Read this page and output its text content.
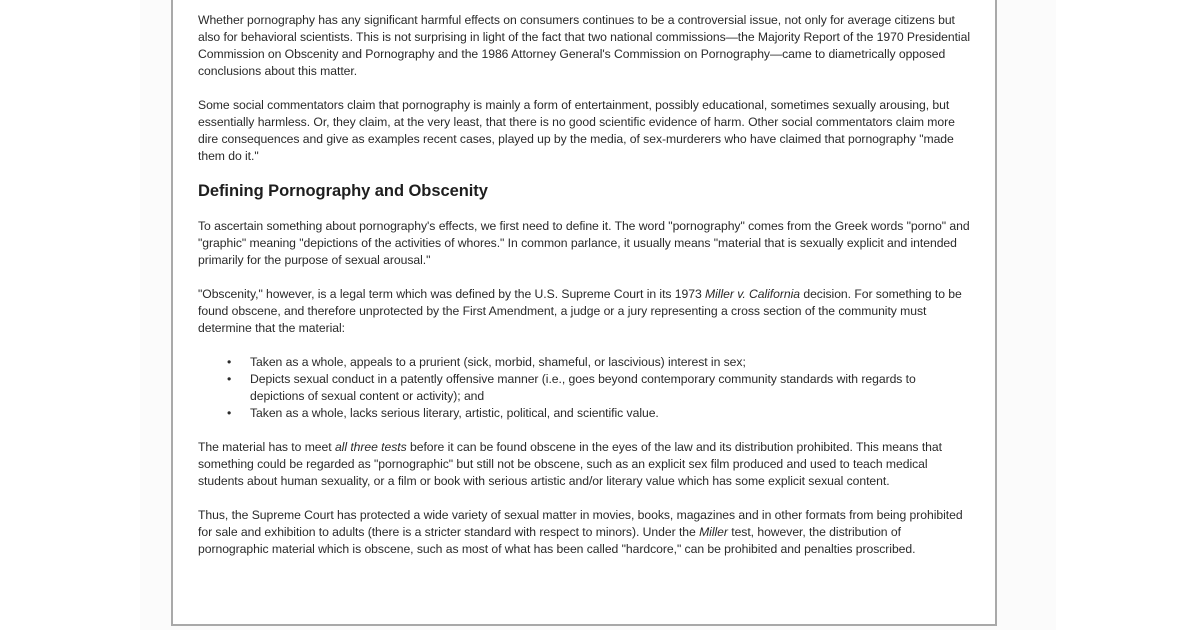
Whether pornography has any significant harmful effects on consumers continues to be a controversial issue, not only for average citizens but also for behavioral scientists. This is not surprising in light of the fact that two national commissions—the Majority Report of the 1970 Presidential Commission on Obscenity and Pornography and the 1986 Attorney General's Commission on Pornography—came to diametrically opposed conclusions about this matter.

Some social commentators claim that pornography is mainly a form of entertainment, possibly educational, sometimes sexually arousing, but essentially harmless. Or, they claim, at the very least, that there is no good scientific evidence of harm. Other social commentators claim more dire consequences and give as examples recent cases, played up by the media, of sex-murderers who have claimed that pornography "made them do it."

Defining Pornography and Obscenity

To ascertain something about pornography's effects, we first need to define it. The word "pornography" comes from the Greek words "porno" and "graphic" meaning "depictions of the activities of whores." In common parlance, it usually means "material that is sexually explicit and intended primarily for the purpose of sexual arousal."

"Obscenity," however, is a legal term which was defined by the U.S. Supreme Court in its 1973 Miller v. California decision. For something to be found obscene, and therefore unprotected by the First Amendment, a judge or a jury representing a cross section of the community must determine that the material:

• Taken as a whole, appeals to a prurient (sick, morbid, shameful, or lascivious) interest in sex;
• Depicts sexual conduct in a patently offensive manner (i.e., goes beyond contemporary community standards with regards to depictions of sexual content or activity); and
• Taken as a whole, lacks serious literary, artistic, political, and scientific value.

The material has to meet all three tests before it can be found obscene in the eyes of the law and its distribution prohibited. This means that something could be regarded as "pornographic" but still not be obscene, such as an explicit sex film produced and used to teach medical students about human sexuality, or a film or book with serious artistic and/or literary value which has some explicit sexual content.

Thus, the Supreme Court has protected a wide variety of sexual matter in movies, books, magazines and in other formats from being prohibited for sale and exhibition to adults (there is a stricter standard with respect to minors). Under the Miller test, however, the distribution of pornographic material which is obscene, such as most of what has been called "hardcore," can be prohibited and penalties proscribed.
